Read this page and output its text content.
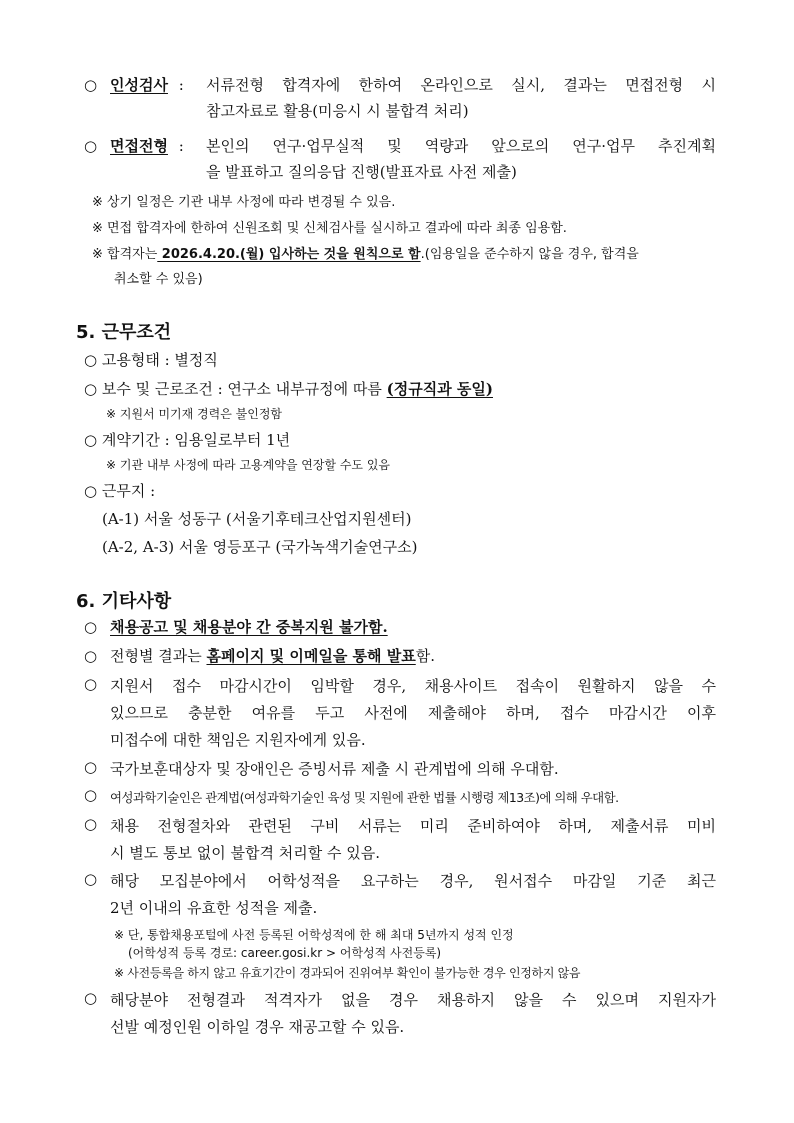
○ 인성검사 :	서류전형 합격자에 한하여 온라인으로 실시, 결과는 면접전형 시
참고자료로 활용(미응시 시 불합격 처리)
○ 면접전형 :	본인의 연구·업무실적 및 역량과 앞으로의 연구·업무 추진계획
을 발표하고 질의응답 진행(발표자료 사전 제출)
※ 상기 일정은 기관 내부 사정에 따라 변경될 수 있음.
※ 면접 합격자에 한하여 신원조회 및 신체검사를 실시하고 결과에 따라 최종 임용함.
※ 합격자는 2026.4.20.(월) 입사하는 것을 원칙으로 함.(임용일을 준수하지 않을 경우, 합격을
취소할 수 있음)
5. 근무조건
○ 고용형태 : 별정직
○ 보수 및 근로조건 : 연구소 내부규정에 따름 (정규직과 동일)
※ 지원서 미기재 경력은 불인정함
○ 계약기간 : 임용일로부터 1년
※ 기관 내부 사정에 따라 고용계약을 연장할 수도 있음
○ 근무지 :
(A-1) 서울 성동구 (서울기후테크산업지원센터)
(A-2, A-3) 서울 영등포구 (국가녹색기술연구소)
6. 기타사항
○ 채용공고 및 채용분야 간 중복지원 불가함.
○ 전형별 결과는 홈페이지 및 이메일을 통해 발표함.
○ 지원서 접수 마감시간이 임박할 경우, 채용사이트 접속이 원활하지 않을 수
있으므로 충분한 여유를 두고 사전에 제출해야 하며, 접수 마감시간 이후
미접수에 대한 책임은 지원자에게 있음.
○ 국가보훈대상자 및 장애인은 증빙서류 제출 시 관계법에 의해 우대함.
○ 여성과학기술인은 관계법(여성과학기술인 육성 및 지원에 관한 법률 시행령 제13조)에 의해 우대함.
○ 채용 전형절차와 관련된 구비 서류는 미리 준비하여야 하며, 제출서류 미비
시 별도 통보 없이 불합격 처리할 수 있음.
○ 해당 모집분야에서 어학성적을 요구하는 경우, 원서접수 마감일 기준 최근
2년 이내의 유효한 성적을 제출.
※ 단, 통합채용포털에 사전 등록된 어학성적에 한 해 최대 5년까지 성적 인정
(어학성적 등록 경로: career.gosi.kr > 어학성적 사전등록)
※ 사전등록을 하지 않고 유효기간이 경과되어 진위여부 확인이 불가능한 경우 인정하지 않음
○ 해당분야 전형결과 적격자가 없을 경우 채용하지 않을 수 있으며 지원자가
선발 예정인원 이하일 경우 재공고할 수 있음.
